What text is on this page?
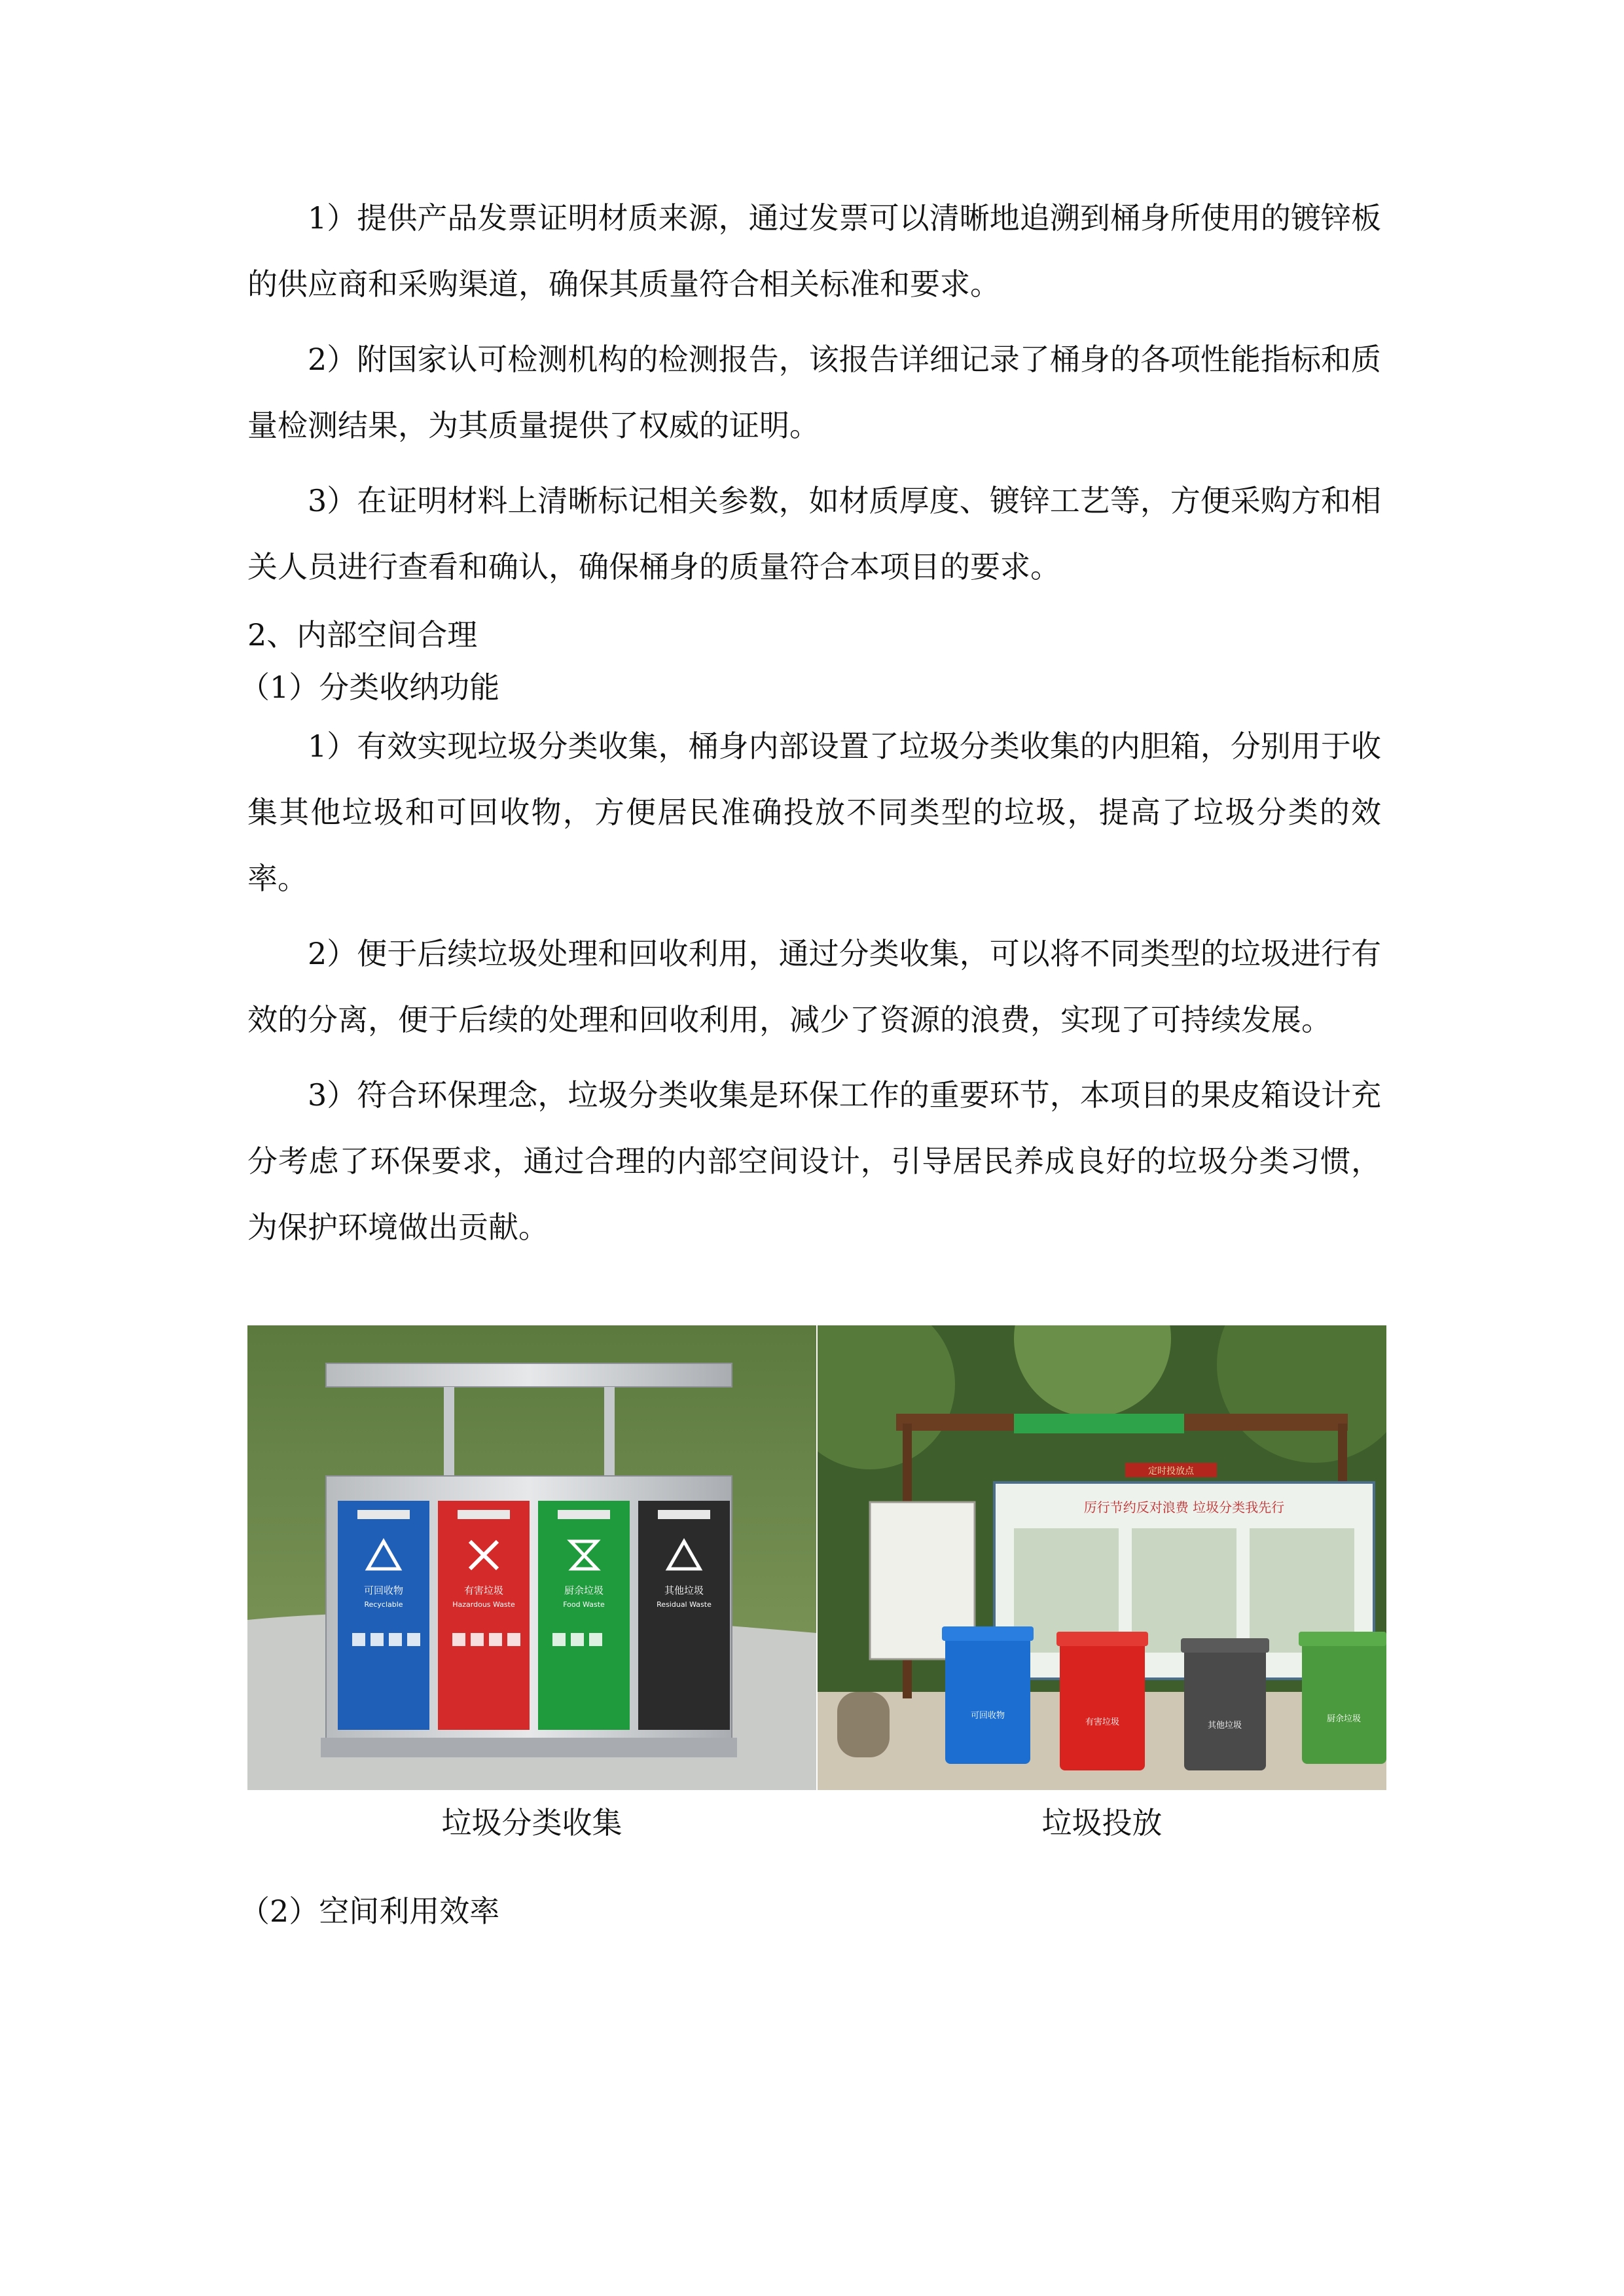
1）提供产品发票证明材质来源，通过发票可以清晰地追溯到桶身所使用的镀锌板的供应商和采购渠道，确保其质量符合相关标准和要求。

2）附国家认可检测机构的检测报告，该报告详细记录了桶身的各项性能指标和质量检测结果，为其质量提供了权威的证明。

3）在证明材料上清晰标记相关参数，如材质厚度、镀锌工艺等，方便采购方和相关人员进行查看和确认，确保桶身的质量符合本项目的要求。

2、内部空间合理

（1）分类收纳功能

1）有效实现垃圾分类收集，桶身内部设置了垃圾分类收集的内胆箱，分别用于收集其他垃圾和可回收物，方便居民准确投放不同类型的垃圾，提高了垃圾分类的效率。

2）便于后续垃圾处理和回收利用，通过分类收集，可以将不同类型的垃圾进行有效的分离，便于后续的处理和回收利用，减少了资源的浪费，实现了可持续发展。

3）符合环保理念，垃圾分类收集是环保工作的重要环节，本项目的果皮箱设计充分考虑了环保要求，通过合理的内部空间设计，引导居民养成良好的垃圾分类习惯，为保护环境做出贡献。

可回收物
Recyclable
有害垃圾
Hazardous Waste
厨余垃圾
Food Waste
其他垃圾
Residual Waste
定时投放点
厉行节约反对浪费 垃圾分类我先行
可回收物
有害垃圾	其他垃圾
厨余垃圾
垃圾分类收集	垃圾投放

（2）空间利用效率
